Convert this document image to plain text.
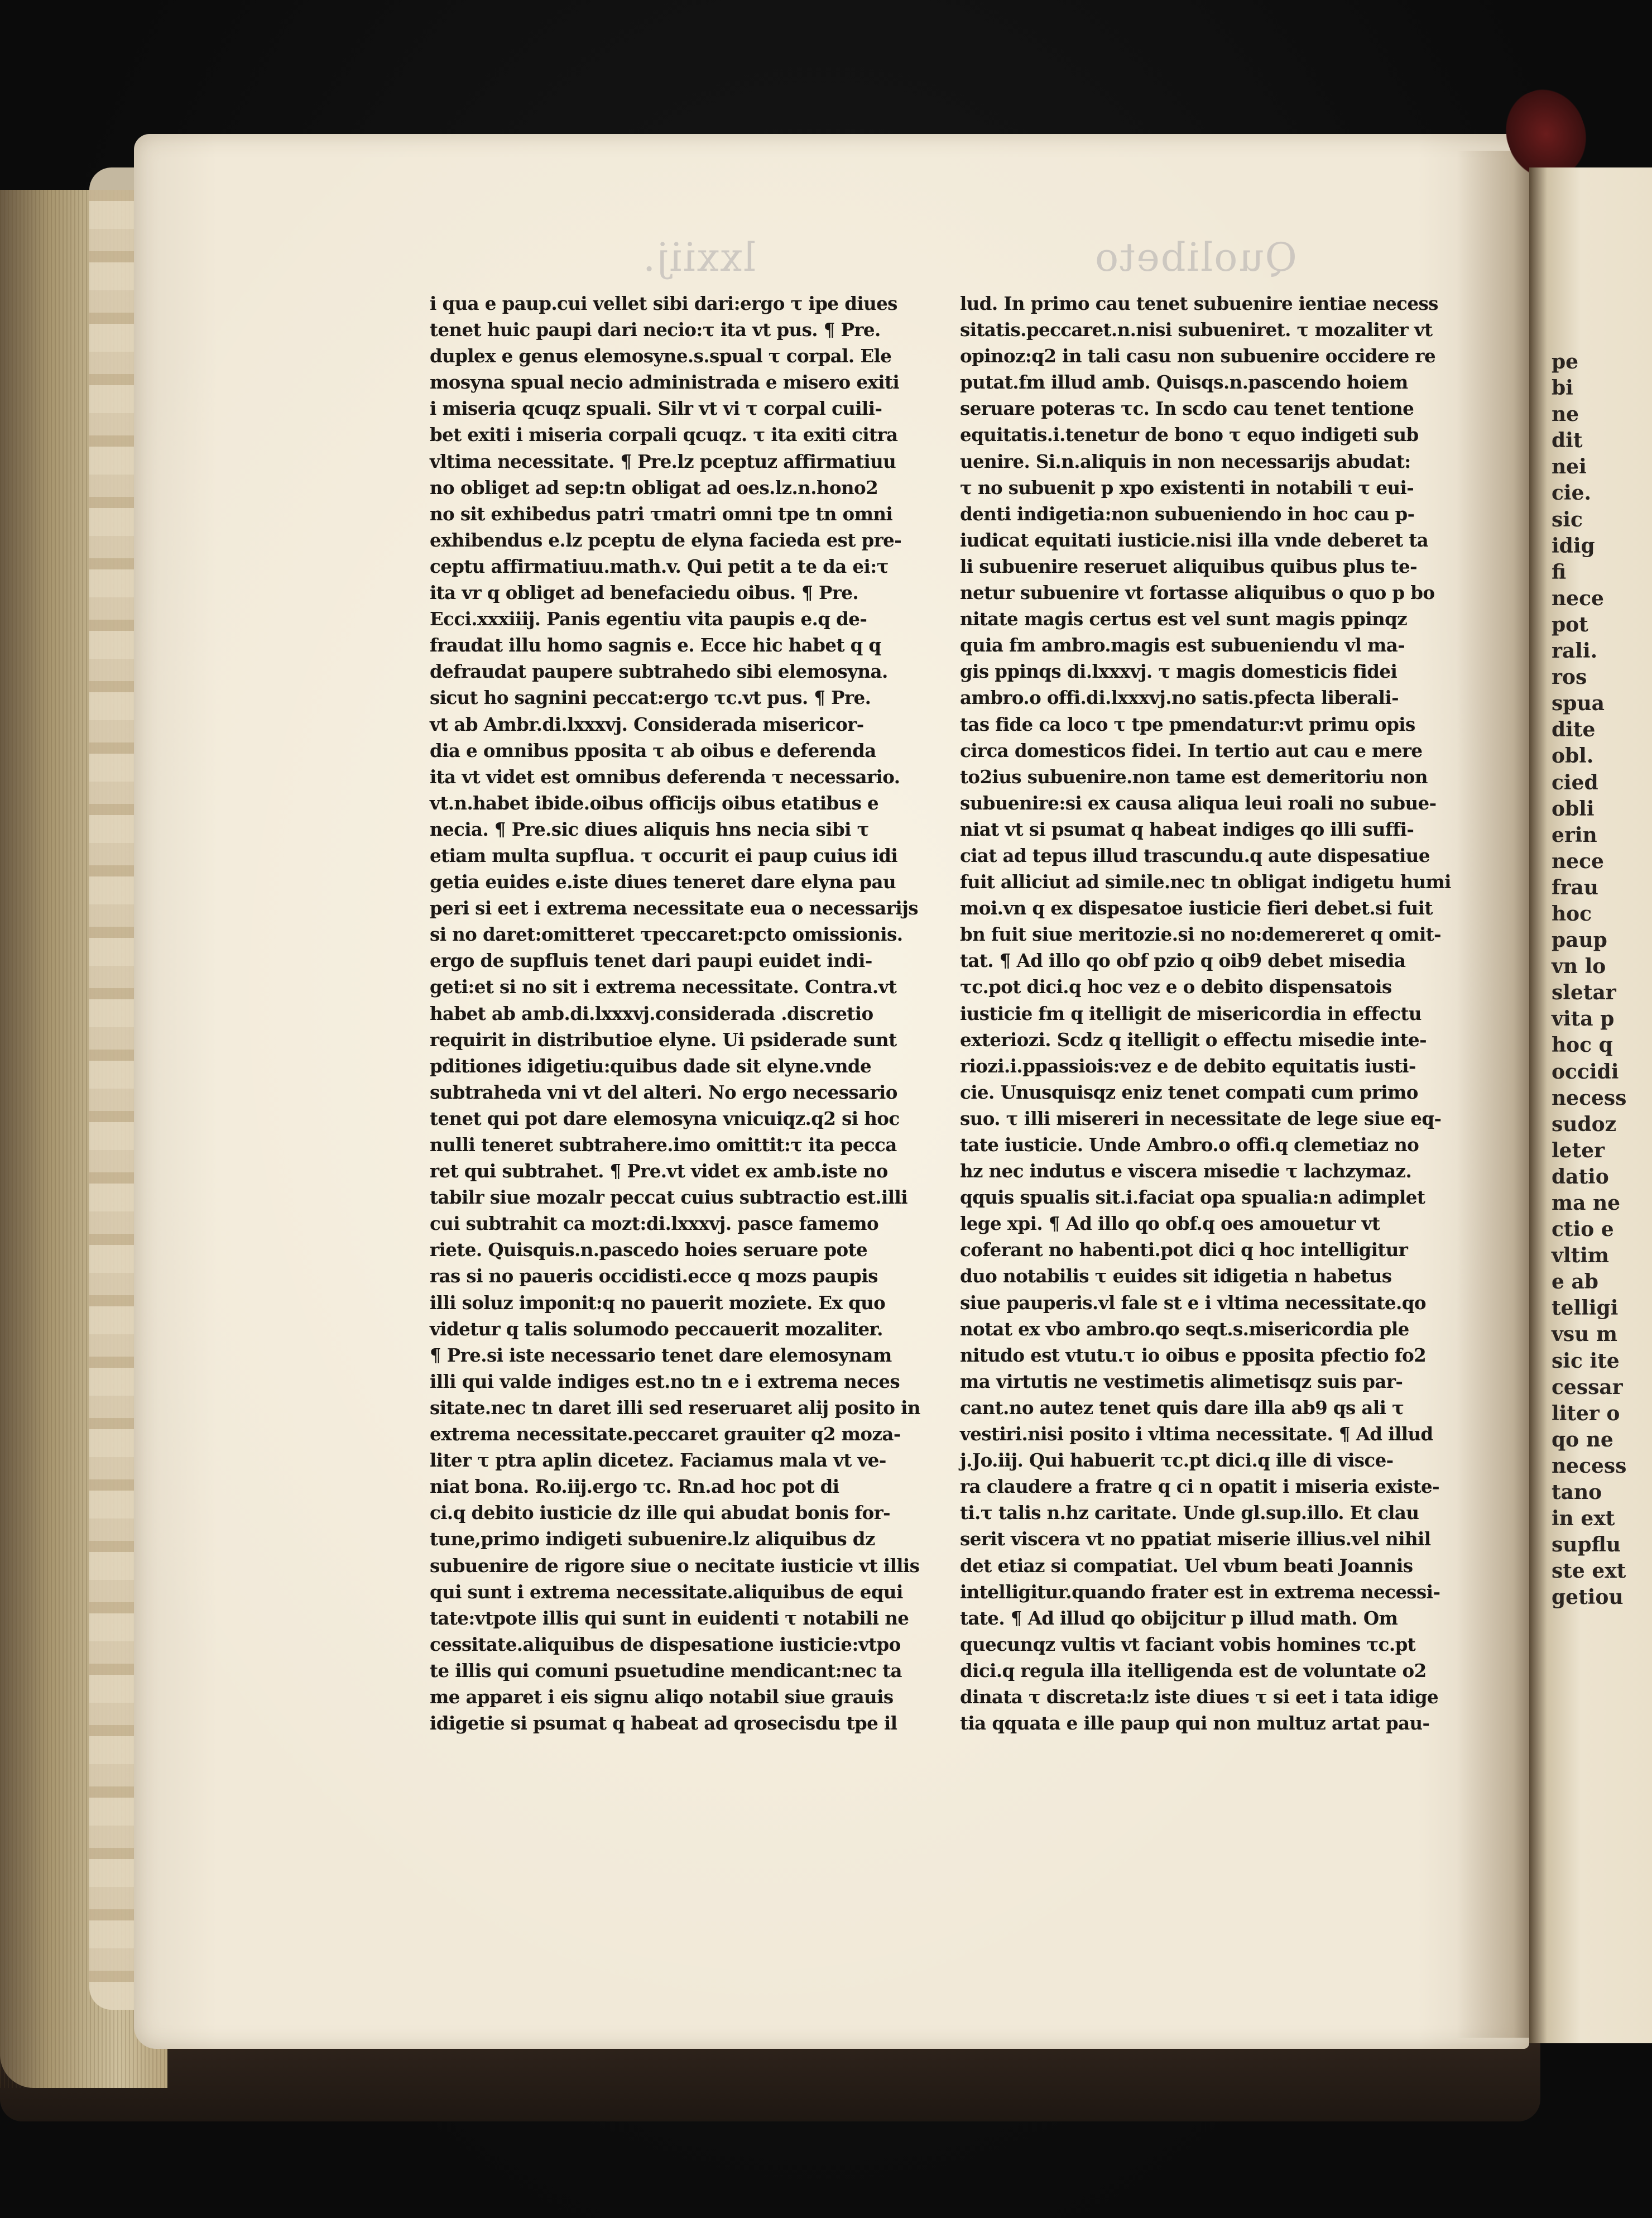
lxxiij.	Quolibeto
i qua e paup.cui vellet sibi dari:ergo τ ipe diues
tenet huic paupi dari necio:τ ita vt pus. ¶ Pre.
duplex e genus elemosyne.s.spual τ corpal. Ele
mosyna spual necio administrada e misero exiti
i miseria qcuqz spuali. Silr vt vi τ corpal cuili-
bet exiti i miseria corpali qcuqz. τ ita exiti citra
vltima necessitate. ¶ Pre.lz pceptuz affirmatiuu
no obliget ad sep:tn obligat ad oes.lz.n.hono2
no sit exhibedus patri τmatri omni tpe tn omni
exhibendus e.lz pceptu de elyna facieda est pre-
ceptu affirmatiuu.math.v. Qui petit a te da ei:τ
ita vr q obliget ad benefaciedu oibus. ¶ Pre.
Ecci.xxxiiij. Panis egentiu vita paupis e.q de-
fraudat illu homo sagnis e. Ecce hic habet q q
defraudat paupere subtrahedo sibi elemosyna.
sicut ho sagnini peccat:ergo τc.vt pus. ¶ Pre.
vt ab Ambr.di.lxxxvj. Considerada misericor-
dia e omnibus pposita τ ab oibus e deferenda
ita vt videt est omnibus deferenda τ necessario.
vt.n.habet ibide.oibus officijs oibus etatibus e
necia. ¶ Pre.sic diues aliquis hns necia sibi τ
etiam multa supflua. τ occurit ei paup cuius idi
getia euides e.iste diues teneret dare elyna pau
peri si eet i extrema necessitate eua o necessarijs
si no daret:omitteret τpeccaret:pcto omissionis.
ergo de supfluis tenet dari paupi euidet indi-
geti:et si no sit i extrema necessitate. Contra.vt
habet ab amb.di.lxxxvj.considerada .discretio
requirit in distributioe elyne. Ui psiderade sunt
pditiones idigetiu:quibus dade sit elyne.vnde
subtraheda vni vt del alteri. No ergo necessario
tenet qui pot dare elemosyna vnicuiqz.q2 si hoc
nulli teneret subtrahere.imo omittit:τ ita pecca
ret qui subtrahet. ¶ Pre.vt videt ex amb.iste no
tabilr siue mozalr peccat cuius subtractio est.illi
cui subtrahit ca mozt:di.lxxxvj. pasce famemo
riete. Quisquis.n.pascedo hoies seruare pote
ras si no paueris occidisti.ecce q mozs paupis
illi soluz imponit:q no pauerit moziete. Ex quo
videtur q talis solumodo peccauerit mozaliter.
¶ Pre.si iste necessario tenet dare elemosynam
illi qui valde indiges est.no tn e i extrema neces
sitate.nec tn daret illi sed reseruaret alij posito in
extrema necessitate.peccaret grauiter q2 moza-
liter τ ptra aplin dicetez. Faciamus mala vt ve-
niat bona. Ro.iij.ergo τc. Rn.ad hoc pot di
ci.q debito iusticie dz ille qui abudat bonis for-
tune,primo indigeti subuenire.lz aliquibus dz
subuenire de rigore siue o necitate iusticie vt illis
qui sunt i extrema necessitate.aliquibus de equi
tate:vtpote illis qui sunt in euidenti τ notabili ne
cessitate.aliquibus de dispesatione iusticie:vtpo
te illis qui comuni psuetudine mendicant:nec ta
me apparet i eis signu aliqo notabil siue grauis
idigetie si psumat q habeat ad qrosecisdu tpe il
lud. In primo cau tenet subuenire ientiae necess
sitatis.peccaret.n.nisi subueniret. τ mozaliter vt
opinoz:q2 in tali casu non subuenire occidere re
putat.fm illud amb. Quisqs.n.pascendo hoiem
seruare poteras τc. In scdo cau tenet tentione
equitatis.i.tenetur de bono τ equo indigeti sub
uenire. Si.n.aliquis in non necessarijs abudat:
τ no subuenit p xpo existenti in notabili τ eui-
denti indigetia:non subueniendo in hoc cau p-
iudicat equitati iusticie.nisi illa vnde deberet ta
li subuenire reseruet aliquibus quibus plus te-
netur subuenire vt fortasse aliquibus o quo p bo
nitate magis certus est vel sunt magis ppinqz
quia fm ambro.magis est subueniendu vl ma-
gis ppinqs di.lxxxvj. τ magis domesticis fidei
ambro.o offi.di.lxxxvj.no satis.pfecta liberali-
tas fide ca loco τ tpe pmendatur:vt primu opis
circa domesticos fidei. In tertio aut cau e mere
to2ius subuenire.non tame est demeritoriu non
subuenire:si ex causa aliqua leui roali no subue-
niat vt si psumat q habeat indiges qo illi suffi-
ciat ad tepus illud trascundu.q aute dispesatiue
fuit alliciut ad simile.nec tn obligat indigetu humi
moi.vn q ex dispesatoe iusticie fieri debet.si fuit
bn fuit siue meritozie.si no no:demereret q omit-
tat. ¶ Ad illo qo obf pzio q oib9 debet misedia
τc.pot dici.q hoc vez e o debito dispensatois
iusticie fm q itelligit de misericordia in effectu
exteriozi. Scdz q itelligit o effectu misedie inte-
riozi.i.ppassiois:vez e de debito equitatis iusti-
cie. Unusquisqz eniz tenet compati cum primo
suo. τ illi misereri in necessitate de lege siue eq-
tate iusticie. Unde Ambro.o offi.q clemetiaz no
hz nec indutus e viscera misedie τ lachzymaz.
qquis spualis sit.i.faciat opa spualia:n adimplet
lege xpi. ¶ Ad illo qo obf.q oes amouetur vt
coferant no habenti.pot dici q hoc intelligitur
duo notabilis τ euides sit idigetia n habetus
siue pauperis.vl fale st e i vltima necessitate.qo
notat ex vbo ambro.qo seqt.s.misericordia ple
nitudo est vtutu.τ io oibus e pposita pfectio fo2
ma virtutis ne vestimetis alimetisqz suis par-
cant.no autez tenet quis dare illa ab9 qs ali τ
vestiri.nisi posito i vltima necessitate. ¶ Ad illud
j.Jo.iij. Qui habuerit τc.pt dici.q ille di visce-
ra claudere a fratre q ci n opatit i miseria existe-
ti.τ talis n.hz caritate. Unde gl.sup.illo. Et clau
serit viscera vt no ppatiat miserie illius.vel nihil
det etiaz si compatiat. Uel vbum beati Joannis
intelligitur.quando frater est in extrema necessi-
tate. ¶ Ad illud qo obijcitur p illud math. Om
quecunqz vultis vt faciant vobis homines τc.pt
dici.q regula illa itelligenda est de voluntate o2
dinata τ discreta:lz iste diues τ si eet i tata idige
tia qquata e ille paup qui non multuz artat pau-
pe
bi
ne
dit
nei
cie.
sic
idig
fi
nece
pot
rali.
ros
spua
dite
obl.
cied
obli
erin
nece
frau
hoc
paup
vn lo
sletar
vita p
hoc q
occidi
necess
sudoz
leter
datio
ma ne
ctio e
vltim
e ab
telligi
vsu m
sic ite
cessar
liter o
qo ne
necess
tano
in ext
supflu
ste ext
getiou
